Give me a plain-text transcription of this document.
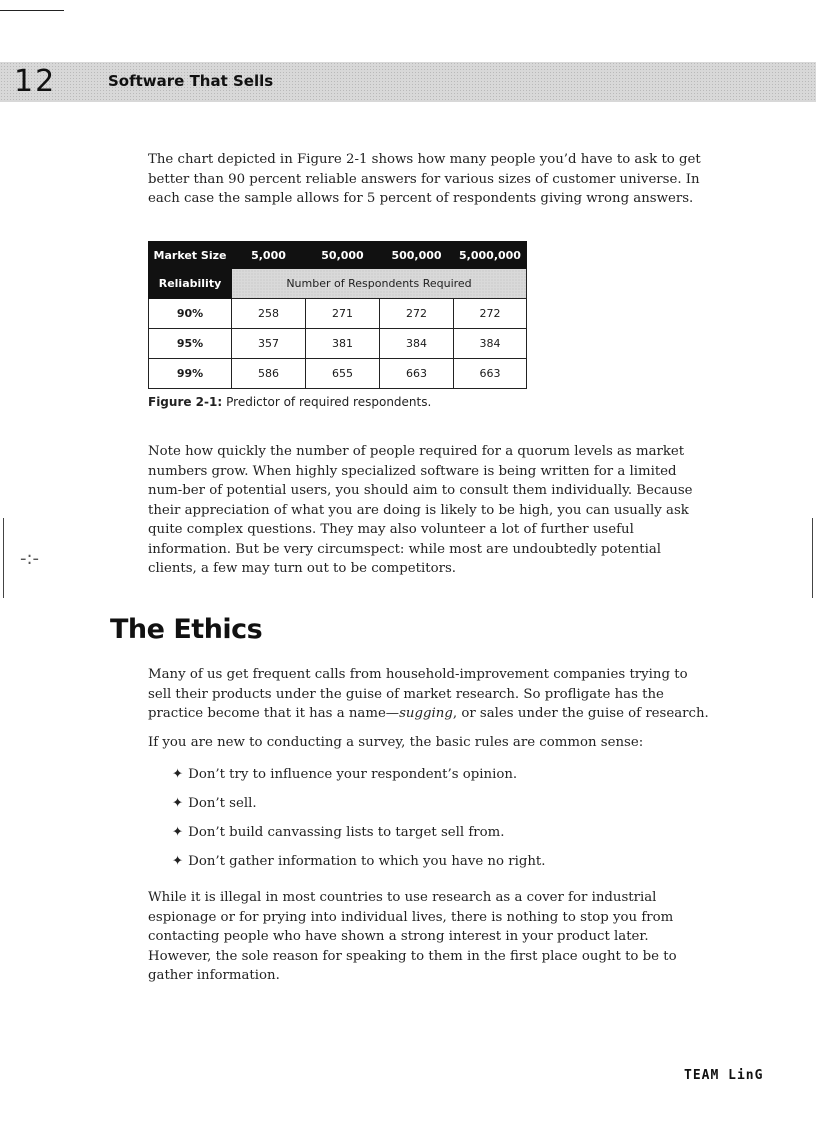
12	Software That Sells

The chart depicted in Figure 2-1 shows how many people you’d have to ask to get better than 90 percent reliable answers for various sizes of customer universe. In each case the sample allows for 5 percent of respondents giving wrong answers.

Market Size	5,000	50,000	500,000	5,000,000
Reliability	Number of Respondents Required			
90%	258	271	272	272
95%	357	381	384	384
99%	586	655	663	663
Figure 2-1: Predictor of required respondents.

Note how quickly the number of people required for a quorum levels as market numbers grow. When highly specialized software is being written for a limited num-ber of potential users, you should aim to consult them individually. Because their appreciation of what you are doing is likely to be high, you can usually ask quite complex questions. They may also volunteer a lot of further useful information. But be very circumspect: while most are undoubtedly potential clients, a few may turn out to be competitors.

-:-
The Ethics

Many of us get frequent calls from household-improvement companies trying to sell their products under the guise of market research. So profligate has the practice become that it has a name—sugging, or sales under the guise of research.

If you are new to conducting a survey, the basic rules are common sense:

✦ Don’t try to influence your respondent’s opinion.
✦ Don’t sell.
✦ Don’t build canvassing lists to target sell from.
✦ Don’t gather information to which you have no right.

While it is illegal in most countries to use research as a cover for industrial espionage or for prying into individual lives, there is nothing to stop you from contacting people who have shown a strong interest in your product later. However, the sole reason for speaking to them in the first place ought to be to gather information.

TEAM LinG
